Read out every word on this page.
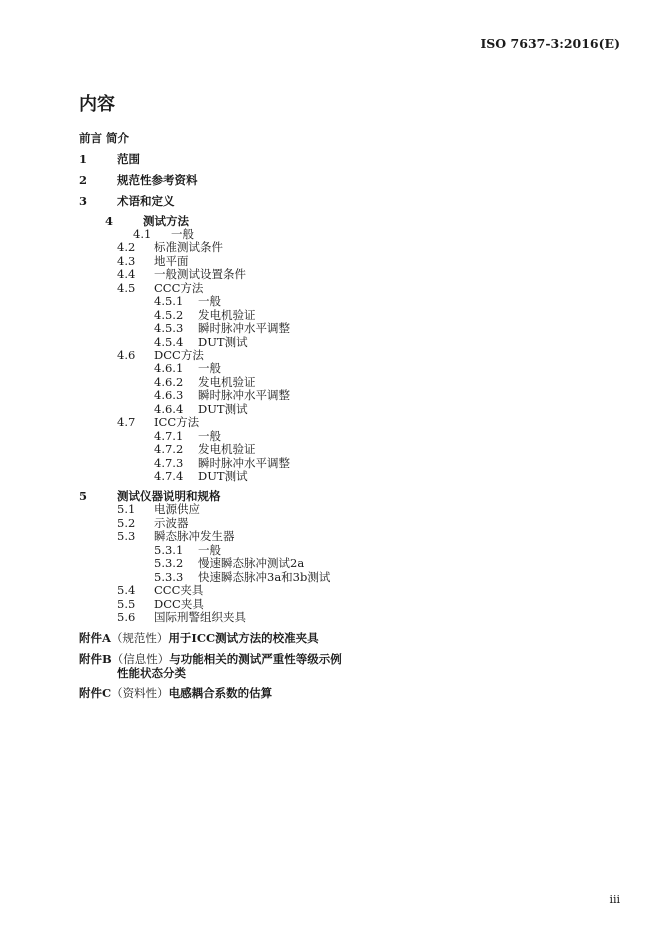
ISO 7637-3:2016(E)
内容
前言 简介
1	范围
2	规范性参考资料
3	术语和定义
4	测试方法
4.1 一般
4.2 标准测试条件
4.3 地平面
4.4 一般测试设置条件
4.5 CCC方法
4.5.1 一般
4.5.2 发电机验证
4.5.3 瞬时脉冲水平调整
4.5.4 DUT测试
4.6 DCC方法
4.6.1 一般
4.6.2 发电机验证
4.6.3 瞬时脉冲水平调整
4.6.4 DUT测试
4.7 ICC方法
4.7.1 一般
4.7.2 发电机验证
4.7.3 瞬时脉冲水平调整
4.7.4 DUT测试
5	测试仪器说明和规格
5.1 电源供应
5.2 示波器
5.3 瞬态脉冲发生器
5.3.1 一般
5.3.2 慢速瞬态脉冲测试2a
5.3.3 快速瞬态脉冲3a和3b测试
5.4 CCC夹具
5.5 DCC夹具
5.6 国际刑警组织夹具
附件A（规范性）用于ICC测试方法的校准夹具
附件B（信息性）与功能相关的测试严重性等级示例
性能状态分类
附件C（资料性）电感耦合系数的估算
iii
